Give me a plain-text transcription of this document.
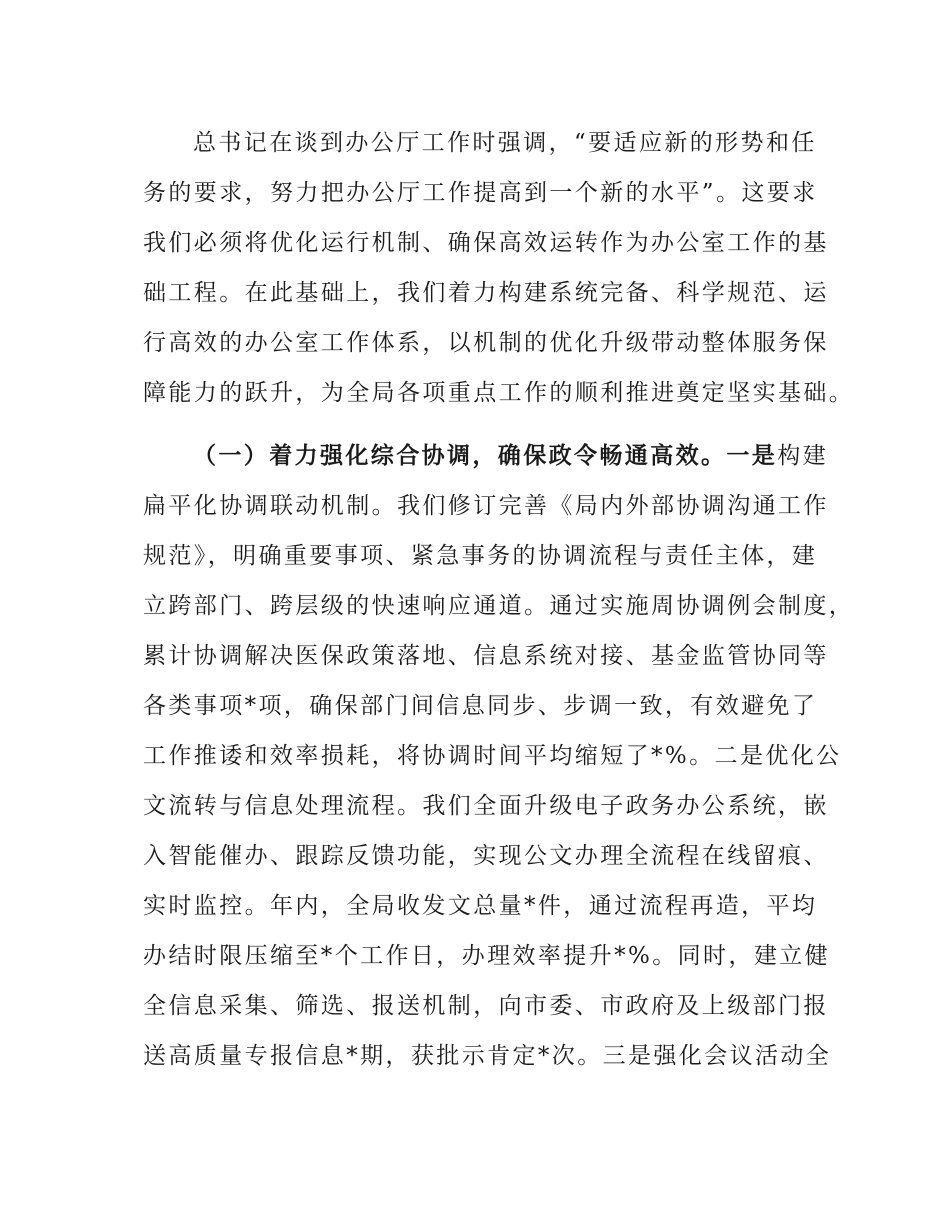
总书记在谈到办公厅工作时强调，“要适应新的形势和任
务的要求，努力把办公厅工作提高到一个新的水平”。这要求
我们必须将优化运行机制、确保高效运转作为办公室工作的基
础工程。在此基础上，我们着力构建系统完备、科学规范、运
行高效的办公室工作体系，以机制的优化升级带动整体服务保
障能力的跃升，为全局各项重点工作的顺利推进奠定坚实基础。
（一）着力强化综合协调，确保政令畅通高效。一是构建
扁平化协调联动机制。我们修订完善《局内外部协调沟通工作
规范》，明确重要事项、紧急事务的协调流程与责任主体，建
立跨部门、跨层级的快速响应通道。通过实施周协调例会制度，
累计协调解决医保政策落地、信息系统对接、基金监管协同等
各类事项*项，确保部门间信息同步、步调一致，有效避免了
工作推诿和效率损耗，将协调时间平均缩短了*%。二是优化公
文流转与信息处理流程。我们全面升级电子政务办公系统，嵌
入智能催办、跟踪反馈功能，实现公文办理全流程在线留痕、
实时监控。年内，全局收发文总量*件，通过流程再造，平均
办结时限压缩至*个工作日，办理效率提升*%。同时，建立健
全信息采集、筛选、报送机制，向市委、市政府及上级部门报
送高质量专报信息*期，获批示肯定*次。三是强化会议活动全
